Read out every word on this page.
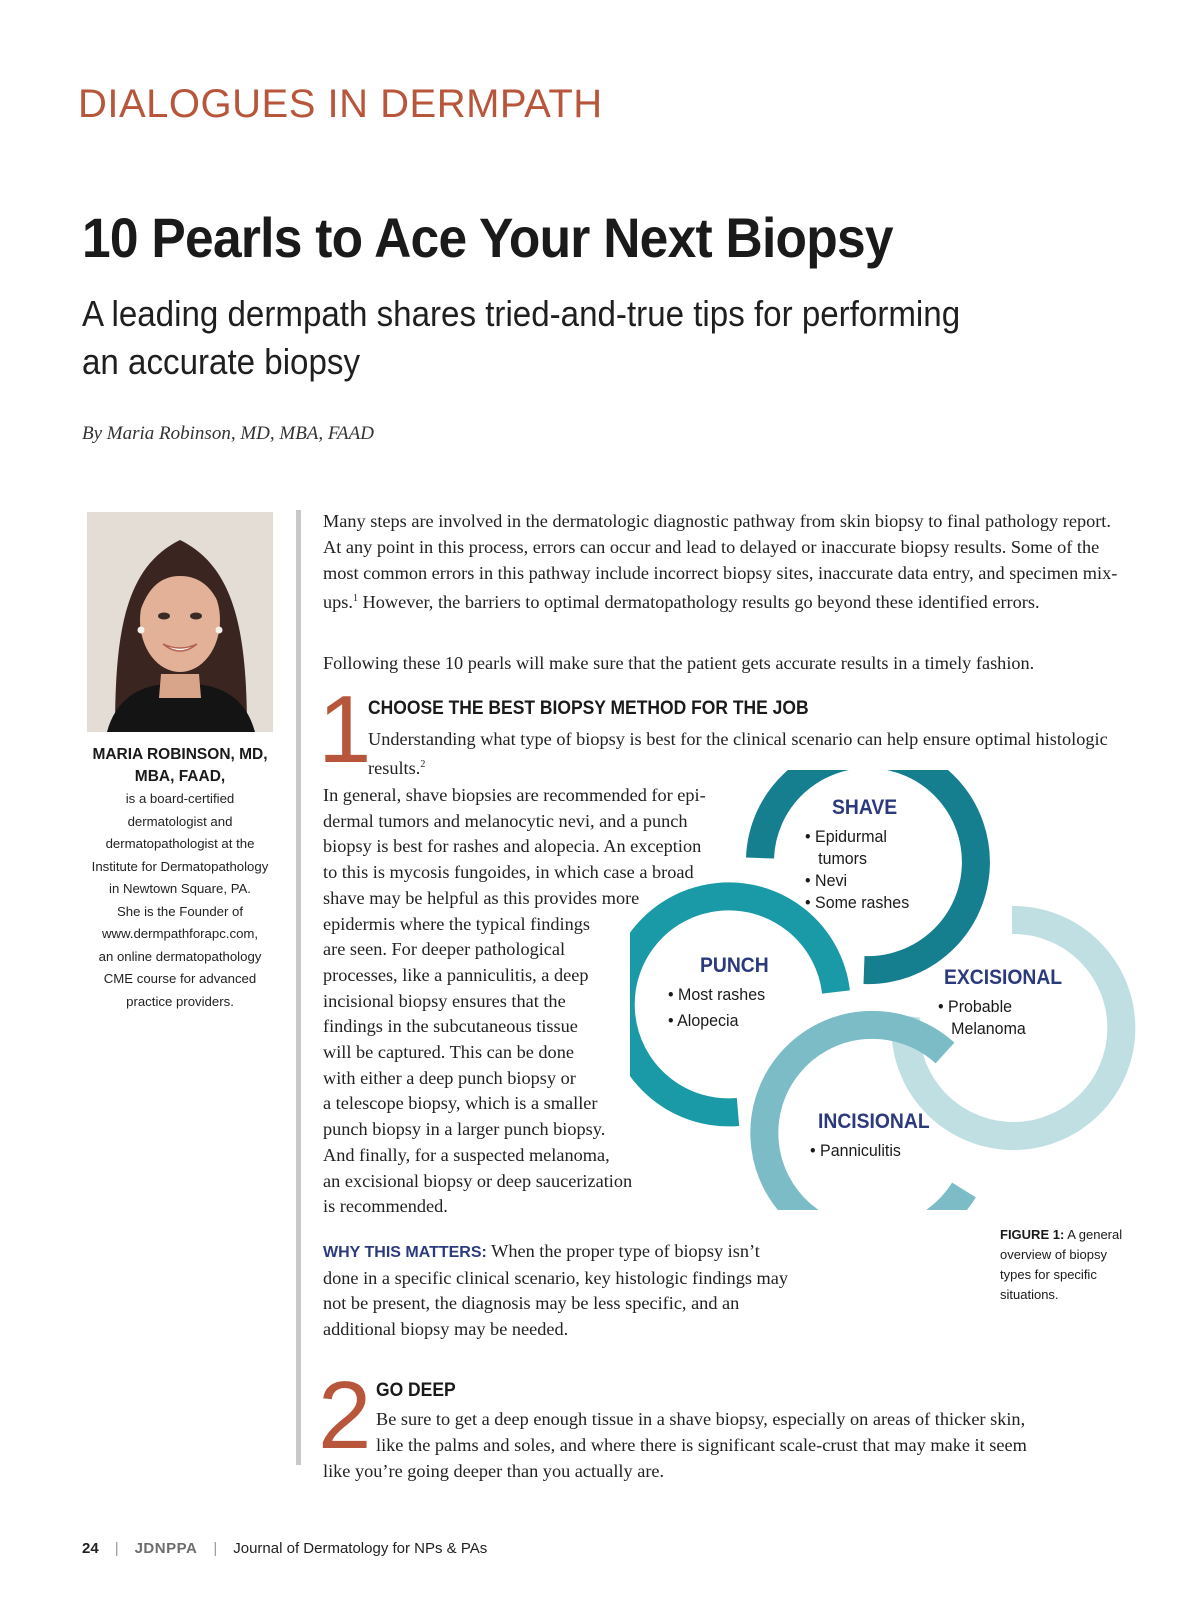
DIALOGUES IN DERMPATH
10 Pearls to Ace Your Next Biopsy
A leading dermpath shares tried-and-true tips for performing an accurate biopsy
By Maria Robinson, MD, MBA, FAAD
MARIA ROBINSON, MD,
MBA, FAAD,
is a board-certified
dermatologist and
dermatopathologist at the
Institute for Dermatopathology
in Newtown Square, PA.
She is the Founder of
www.dermpathforapc.com,
an online dermatopathology
CME course for advanced
practice providers.

Many steps are involved in the dermatologic diagnostic pathway from skin biopsy to final pathology report. At any point in this process, errors can occur and lead to delayed or inaccurate biopsy results. Some of the most common errors in this pathway include incorrect biopsy sites, inaccurate data entry, and specimen mix-ups.$^1$ However, the barriers to optimal dermatopathology results go beyond these identified errors.

Following these 10 pearls will make sure that the patient gets accurate results in a timely fashion.

1
CHOOSE THE BEST BIOPSY METHOD FOR THE JOB

Understanding what type of biopsy is best for the clinical scenario can help ensure optimal histologic results.$^2$

In general, shave biopsies are recommended for epi-
dermal tumors and melanocytic nevi, and a punch
biopsy is best for rashes and alopecia. An exception
to this is mycosis fungoides, in which case a broad
shave may be helpful as this provides more
epidermis where the typical findings
are seen. For deeper pathological
processes, like a panniculitis, a deep
incisional biopsy ensures that the
findings in the subcutaneous tissue
will be captured. This can be done
with either a deep punch biopsy or
a telescope biopsy, which is a smaller
punch biopsy in a larger punch biopsy.
And finally, for a suspected melanoma,
an excisional biopsy or deep saucerization
is recommended.

WHY THIS MATTERS: When the proper type of biopsy isn’t done in a specific clinical scenario, key histologic findings may not be present, the diagnosis may be less specific, and an additional biopsy may be needed.

SHAVE
• Epidurmal
tumors
• Nevi
• Some rashes
PUNCH
• Most rashes
• Alopecia
EXCISIONAL
• Probable
Melanoma
INCISIONAL
• Panniculitis
FIGURE 1: A general overview of biopsy types for specific situations.
2 GO DEEP
Be sure to get a deep enough tissue in a shave biopsy, especially on areas of thicker skin,
like the palms and soles, and where there is significant scale-crust that may make it seem
like you’re going deeper than you actually are.
24 | JDNPPA | Journal of Dermatology for NPs & PAs
